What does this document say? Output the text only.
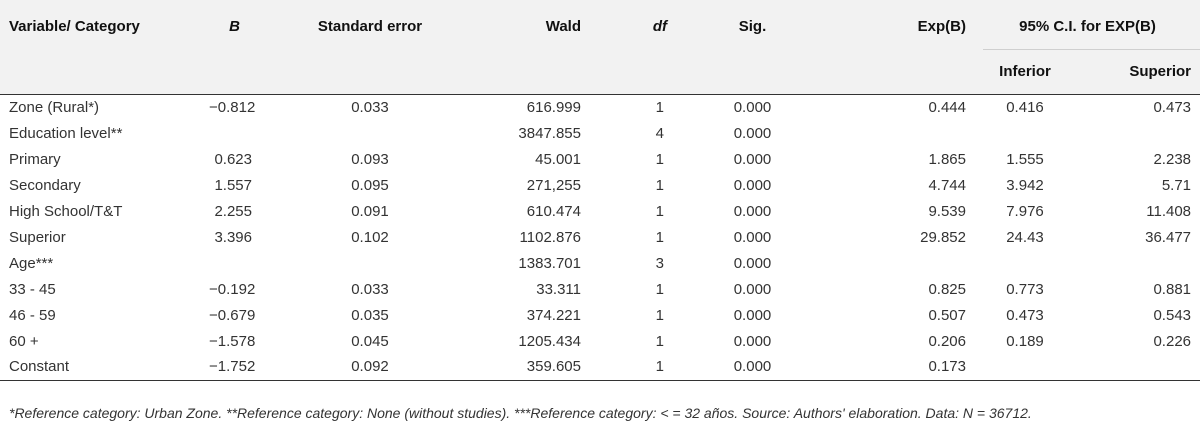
Variable/ Category	B	Standard error	Wald	df	Sig.	Exp(B)	95% C.I. for EXP(B)	
							Inferior	Superior
Zone (Rural*)	−0.812	0.033	616.999	1	0.000	0.444	0.416	0.473
Education level**			3847.855	4	0.000			
Primary	0.623	0.093	45.001	1	0.000	1.865	1.555	2.238
Secondary	1.557	0.095	271,255	1	0.000	4.744	3.942	5.71
High School/T&T	2.255	0.091	610.474	1	0.000	9.539	7.976	11.408
Superior	3.396	0.102	1102.876	1	0.000	29.852	24.43	36.477
Age***			1383.701	3	0.000			
33 - 45	−0.192	0.033	33.311	1	0.000	0.825	0.773	0.881
46 - 59	−0.679	0.035	374.221	1	0.000	0.507	0.473	0.543
60 +	−1.578	0.045	1205.434	1	0.000	0.206	0.189	0.226
Constant	−1.752	0.092	359.605	1	0.000	0.173		
*Reference category: Urban Zone. **Reference category: None (without studies). ***Reference category: < = 32 años. Source: Authors' elaboration. Data: N = 36712.
